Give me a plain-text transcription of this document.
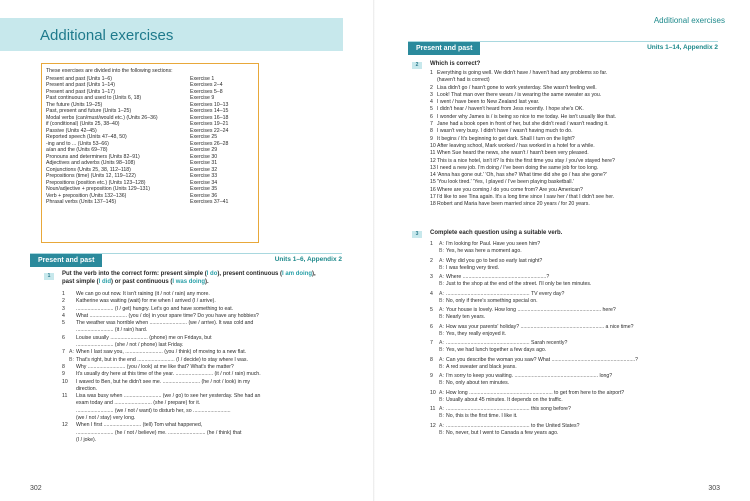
Additional exercises
These exercises are divided into the following sections:
Present and past (Units 1–6)	Exercise 1
Present and past (Units 1–14)	Exercises 2–4
Present and past (Units 1–17)	Exercises 5–8
Past continuous and used to (Units 6, 18)	Exercise 9
The future (Units 19–25)	Exercises 10–13
Past, present and future (Units 1–25)	Exercises 14–15
Modal verbs (can/must/would etc.) (Units 26–36)	Exercises 16–18
if (conditional) (Units 25, 38–40)	Exercises 19–21
Passive (Units 42–45)	Exercises 22–24
Reported speech (Units 47–48, 50)	Exercise 25
-ing and to ... (Units 53–66)	Exercises 26–28
a/an and the (Units 69–78)	Exercise 29
Pronouns and determiners (Units 82–91)	Exercise 30
Adjectives and adverbs (Units 98–108)	Exercise 31
Conjunctions (Units 25, 38, 112–118)	Exercise 32
Prepositions (time) (Units 12, 119–122)	Exercise 33
Prepositions (position etc.) (Units 123–128)	Exercise 34
Noun/adjective + preposition (Units 129–131)	Exercise 35
Verb + preposition (Units 132–136)	Exercise 36
Phrasal verbs (Units 137–145)	Exercises 37–41
Present and past	Units 1–6, Appendix 2
1	Put the verb into the correct form: present simple (I do), present continuous (I am doing),
past simple (I did) or past continuous (I was doing).
1	We can go out now. It isn't raining (it / not / rain) any more.
2	Katherine was waiting (wait) for me when I arrived (I / arrive).
3	.......................... (I / get) hungry. Let's go and have something to eat.
4	What .......................... (you / do) in your spare time? Do you have any hobbies?
5	The weather was horrible when .......................... (we / arrive). It was cold and
.......................... (it / rain) hard.
6	Louise usually .......................... (phone) me on Fridays, but
.......................... (she / not / phone) last Friday.
7 A: When I last saw you, .......................... (you / think) of moving to a new flat.
B: That's right, but in the end .......................... (I / decide) to stay where I was.
8	Why .......................... (you / look) at me like that? What's the matter?
9	It's usually dry here at this time of the year. .......................... (it / not / rain) much.
10 I waved to Ben, but he didn't see me. .......................... (he / not / look) in my
direction.
11	Lisa was busy when .......................... (we / go) to see her yesterday. She had an
exam today and .......................... (she / prepare) for it.
.......................... (we / not / want) to disturb her, so ..........................
(we / not / stay) very long.
12 When I first .......................... (tell) Tom what happened,
.......................... (he / not / believe) me. .......................... (he / think) that
(I / joke).
302
Additional exercises
Present and past	Units 1–14, Appendix 2
2	Which is correct?
1 Everything is going well. We didn't have / haven't had any problems so far.
(haven't had is correct)
2 Lisa didn't go / hasn't gone to work yesterday. She wasn't feeling well.
3 Look! That man over there wears / is wearing the same sweater as you.
4 I went / have been to New Zealand last year.
5 I didn't hear / haven't heard from Jess recently. I hope she's OK.
6 I wonder why James is / is being so nice to me today. He isn't usually like that.
7 Jane had a book open in front of her, but she didn't read / wasn't reading it.
8 I wasn't very busy. I didn't have / wasn't having much to do.
9 It begins / It's beginning to get dark. Shall I turn on the light?
10 After leaving school, Mark worked / has worked in a hotel for a while.
11 When Sue heard the news, she wasn't / hasn't been very pleased.
12 This is a nice hotel, isn't it? Is this the first time you stay / you've stayed here?
13 I need a new job. I'm doing / I've been doing the same job for too long.
14 'Anna has gone out.' 'Oh, has she? What time did she go / has she gone?'
15 'You look tired.' 'Yes, I played / I've been playing basketball.'
16 Where are you coming / do you come from? Are you American?
17 I'd like to see Tina again. It's a long time since I saw her / that I didn't see her.
18 Robert and Maria have been married since 20 years / for 20 years.
3	Complete each question using a suitable verb.
1	A: I'm looking for Paul. Have you seen him?
B: Yes, he was here a moment ago.
2	A: Why did you go to bed so early last night?
B: I was feeling very tired.
3	A: Where ..........................................................?
B: Just to the shop at the end of the street. I'll only be ten minutes.
4	A: .......................................................... TV every day?
B: No, only if there's something special on.
5	A: Your house is lovely. How long .......................................................... here?
B: Nearly ten years.
6	A: How was your parents' holiday? .......................................................... a nice time?
B: Yes, they really enjoyed it.
7	A: .......................................................... Sarah recently?
B: Yes, we had lunch together a few days ago.
8	A: Can you describe the woman you saw? What ..........................................................?
B: A red sweater and black jeans.
9	A: I'm sorry to keep you waiting. .......................................................... long?
B: No, only about ten minutes.
10 A: How long .......................................................... to get from here to the airport?
B: Usually about 45 minutes. It depends on the traffic.
11 A: .......................................................... this song before?
B: No, this is the first time. I like it.
12 A: .......................................................... to the United States?
B: No, never, but I went to Canada a few years ago.
303
